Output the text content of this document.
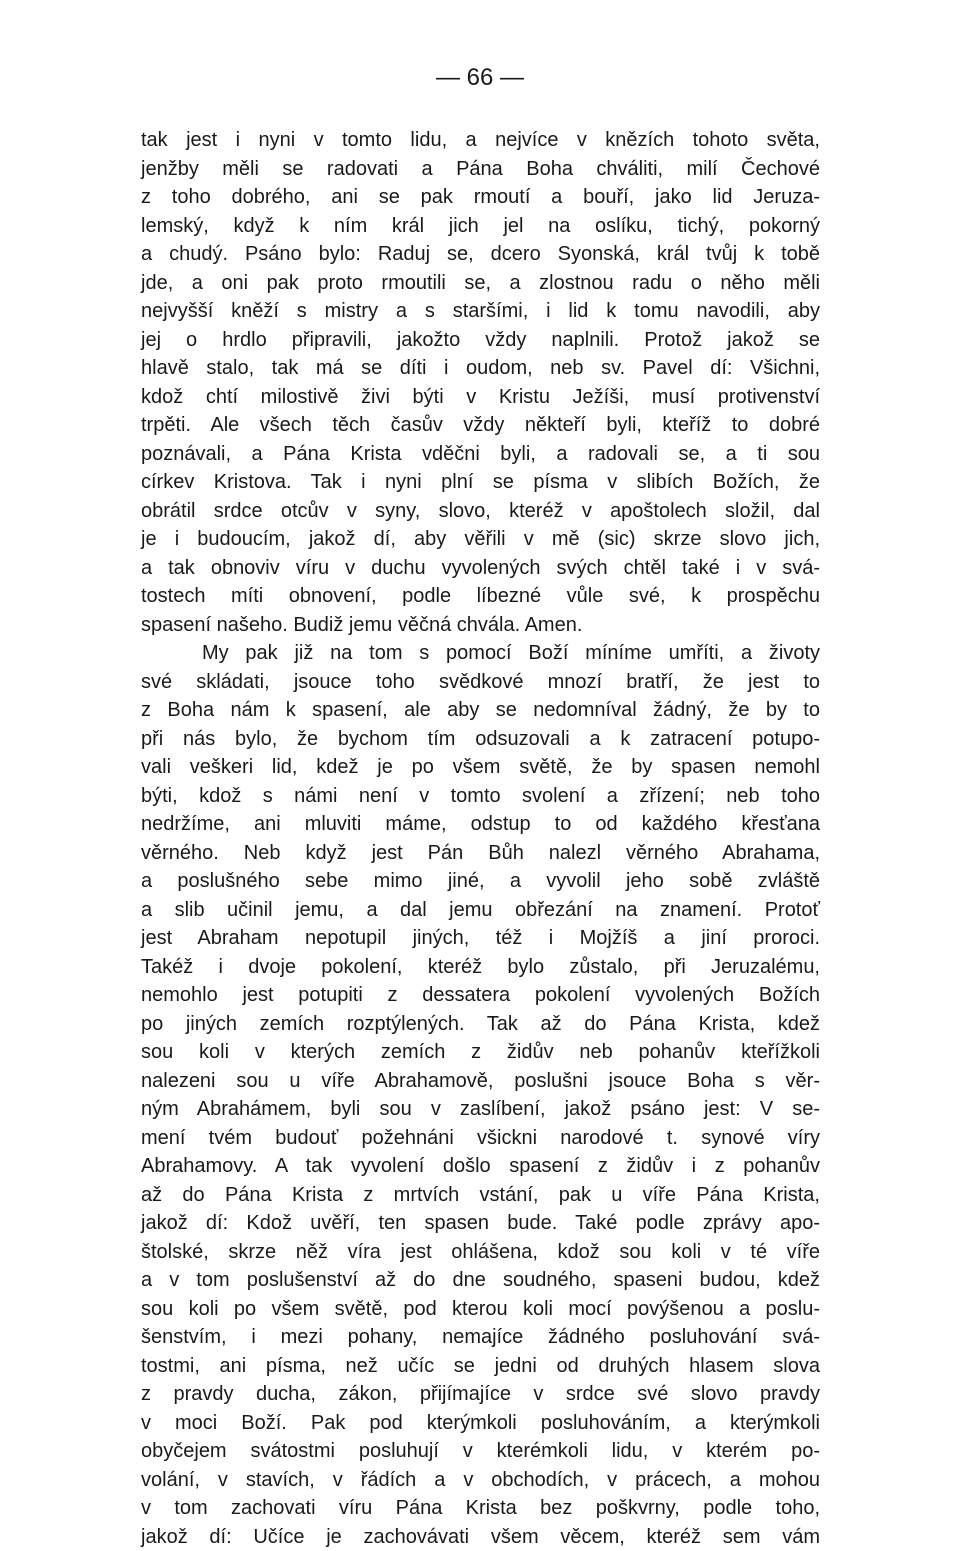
— 66 —
tak jest i nyni v tomto lidu, a nejvíce v knězích tohoto světa,
jenžby měli se radovati a Pána Boha chváliti, milí Čechové
z toho dobrého, ani se pak rmoutí a bouří, jako lid Jeruza-
lemský, když k ním král jich jel na oslíku, tichý, pokorný
a chudý. Psáno bylo: Raduj se, dcero Syonská, král tvůj k tobě
jde, a oni pak proto rmoutili se, a zlostnou radu o něho měli
nejvyšší kněží s mistry a s staršími, i lid k tomu navodili, aby
jej o hrdlo připravili, jakožto vždy naplnili. Protož jakož se
hlavě stalo, tak má se díti i oudom, neb sv. Pavel dí: Všichni,
kdož chtí milostivě živi býti v Kristu Ježíši, musí protivenství
trpěti. Ale všech těch časův vždy někteří byli, kteříž to dobré
poznávali, a Pána Krista vděčni byli, a radovali se, a ti sou
církev Kristova. Tak i nyni plní se písma v slibích Božích, že
obrátil srdce otcův v syny, slovo, kteréž v apoštolech složil, dal
je i budoucím, jakož dí, aby věřili v mě (sic) skrze slovo jich,
a tak obnoviv víru v duchu vyvolených svých chtěl také i v svá-
tostech míti obnovení, podle líbezné vůle své, k prospěchu
spasení našeho. Budiž jemu věčná chvála. Amen.
My pak již na tom s pomocí Boží míníme umříti, a životy
své skládati, jsouce toho svědkové mnozí bratří, že jest to
z Boha nám k spasení, ale aby se nedomníval žádný, že by to
při nás bylo, že bychom tím odsuzovali a k zatracení potupo-
vali veškeri lid, kdež je po všem světě, že by spasen nemohl
býti, kdož s námi není v tomto svolení a zřízení; neb toho
nedržíme, ani mluviti máme, odstup to od každého křesťana
věrného. Neb když jest Pán Bůh nalezl věrného Abrahama,
a poslušného sebe mimo jiné, a vyvolil jeho sobě zvláště
a slib učinil jemu, a dal jemu obřezání na znamení. Protoť
jest Abraham nepotupil jiných, též i Mojžíš a jiní proroci.
Takéž i dvoje pokolení, kteréž bylo zůstalo, při Jeruzalému,
nemohlo jest potupiti z dessatera pokolení vyvolených Božích
po jiných zemích rozptýlených. Tak až do Pána Krista, kdež
sou koli v kterých zemích z židův neb pohanův kteřížkoli
nalezeni sou u víře Abrahamově, poslušni jsouce Boha s věr-
ným Abrahámem, byli sou v zaslíbení, jakož psáno jest: V se-
mení tvém budouť požehnáni všickni narodové t. synové víry
Abrahamovy. A tak vyvolení došlo spasení z židův i z pohanův
až do Pána Krista z mrtvích vstání, pak u víře Pána Krista,
jakož dí: Kdož uvěří, ten spasen bude. Také podle zprávy apo-
štolské, skrze něž víra jest ohlášena, kdož sou koli v té víře
a v tom poslušenství až do dne soudného, spaseni budou, kdež
sou koli po všem světě, pod kterou koli mocí povýšenou a poslu-
šenstvím, i mezi pohany, nemajíce žádného posluhování svá-
tostmi, ani písma, než učíc se jedni od druhých hlasem slova
z pravdy ducha, zákon, přijímajíce v srdce své slovo pravdy
v moci Boží. Pak pod kterýmkoli posluhováním, a kterýmkoli
obyčejem svátostmi posluhují v kterémkoli lidu, v kterém po-
volání, v stavích, v řádích a v obchodích, v prácech, a mohou
v tom zachovati víru Pána Krista bez poškvrny, podle toho,
jakož dí: Učíce je zachovávati všem věcem, kteréž sem vám
